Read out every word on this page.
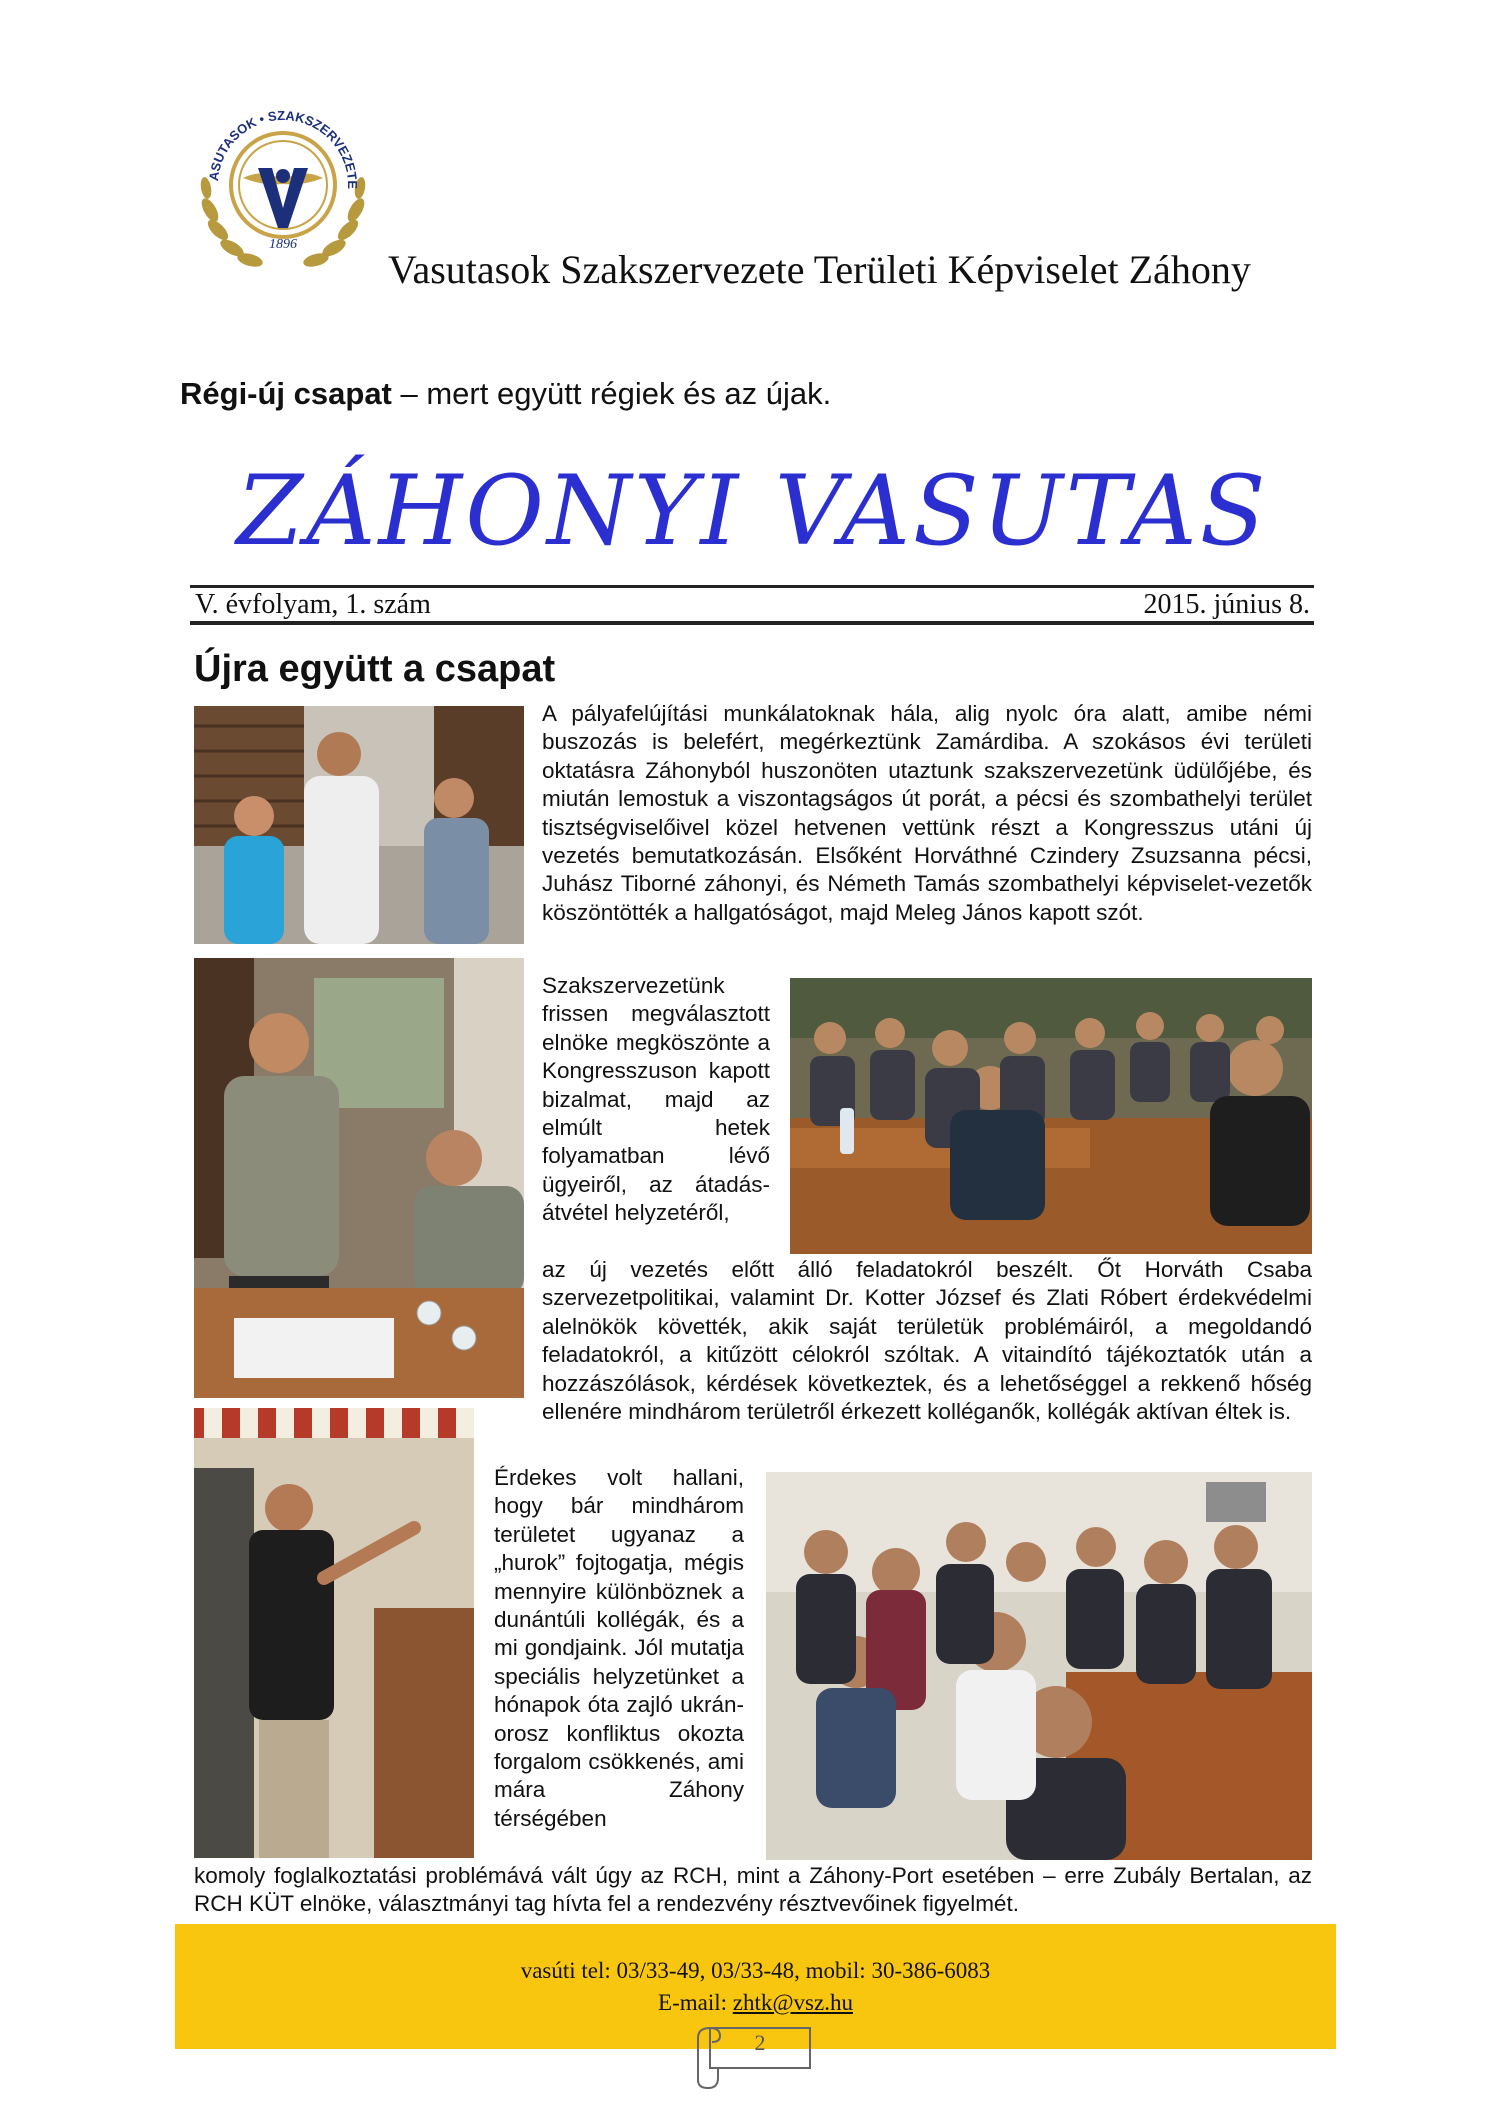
1896
ASUTASOK • SZAKSZERVEZETE
Vasutasok Szakszervezete Területi Képviselet Záhony
Régi-új csapat – mert együtt régiek és az újak.
ZÁHONYI VASUTAS
V. évfolyam, 1. szám	2015. június 8.
Újra együtt a csapat
A pályafelújítási munkálatoknak hála, alig nyolc óra alatt, amibe némi buszozás is belefért, megérkeztünk Zamárdiba. A szokásos évi területi oktatásra Záhonyból huszonöten utaztunk szakszervezetünk üdülőjébe, és miután lemostuk a viszontagságos út porát, a pécsi és szombathelyi terület tisztségviselőivel közel hetvenen vettünk részt a Kongresszus utáni új vezetés bemutatkozásán. Elsőként Horváthné Czindery Zsuzsanna pécsi, Juhász Tiborné záhonyi, és Németh Tamás szombathelyi képviselet-vezetők köszöntötték a hallgatóságot, majd Meleg János kapott szót.
Szakszervezetünk frissen megválasztott elnöke megköszönte a Kongresszuson kapott bizalmat, majd az elmúlt hetek folyamatban lévő ügyeiről, az átadás-átvétel helyzetéről,
az új vezetés előtt álló feladatokról beszélt. Őt Horváth Csaba szervezetpolitikai, valamint Dr. Kotter József és Zlati Róbert érdekvédelmi alelnökök követték, akik saját területük problémáiról, a megoldandó feladatokról, a kitűzött célokról szóltak. A vitaindító tájékoztatók után a hozzászólások, kérdések következtek, és a lehetőséggel a rekkenő hőség ellenére mindhárom területről érkezett kolléganők, kollégák aktívan éltek is.
Érdekes volt hallani, hogy bár mindhárom területet ugyanaz a „hurok” fojtogatja, mégis mennyire különböznek a dunántúli kollégák, és a mi gondjaink. Jól mutatja speciális helyzetünket a hónapok óta zajló ukrán-orosz konfliktus okozta forgalom csökkenés, ami mára Záhony térségében
komoly foglalkoztatási problémává vált úgy az RCH, mint a Záhony-Port esetében – erre Zubály Bertalan, az RCH KÜT elnöke, választmányi tag hívta fel a rendezvény résztvevőinek figyelmét.
vasúti tel: 03/33-49, 03/33-48, mobil: 30-386-6083
E-mail: zhtk@vsz.hu
2
